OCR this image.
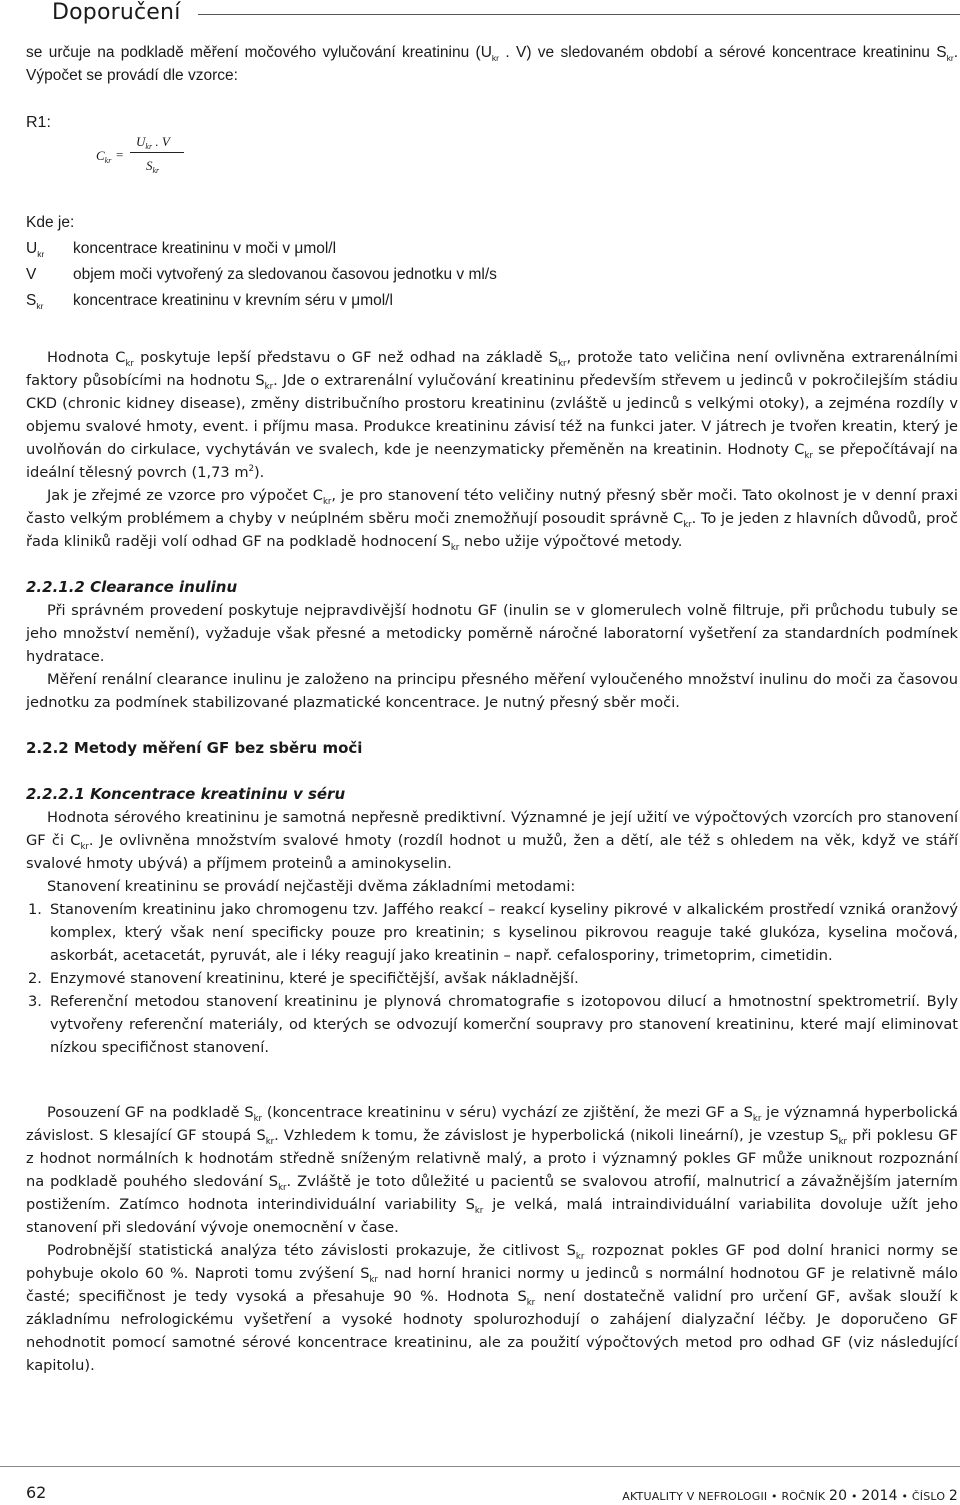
Doporučení

se určuje na podkladě měření močového vylučování kreatininu ($U_{kr}$ . V) ve sledovaném období a sérové koncentrace kreatininu $S_{kr}$. Výpočet se provádí dle vzorce:

R1:
$C_{kr}$ =
$U_{kr}$ . V
$S_{kr}$
Kde je:
$U_{kr}$	koncentrace kreatininu v moči v μmol/l
V	objem moči vytvořený za sledovanou časovou jednotku v ml/s
$S_{kr}$	koncentrace kreatininu v krevním séru v μmol/l

Hodnota $C_{kr}$ poskytuje lepší představu o GF než odhad na základě $S_{kr}$, protože tato veličina není ovlivněna extrarenálními faktory působícími na hodnotu $S_{kr}$. Jde o extrarenální vylučování kreatininu především střevem u jedinců v pokročilejším stádiu CKD (chronic kidney disease), změny distribučního prostoru kreatininu (zvláště u jedinců s velkými otoky), a zejména rozdíly v objemu svalové hmoty, event. i příjmu masa. Produkce kreatininu závisí též na funkci jater. V játrech je tvořen kreatin, který je uvolňován do cirkulace, vychytáván ve svalech, kde je neenzymaticky přeměněn na kreatinin. Hodnoty $C_{kr}$ se přepočítávají na ideální tělesný povrch (1,73 $m^2$).

Jak je zřejmé ze vzorce pro výpočet $C_{kr}$, je pro stanovení této veličiny nutný přesný sběr moči. Tato okolnost je v denní praxi často velkým problémem a chyby v neúplném sběru moči znemožňují posoudit správně $C_{kr}$. To je jeden z hlavních důvodů, proč řada kliniků raději volí odhad GF na podkladě hodnocení $S_{kr}$ nebo užije výpočtové metody.

2.2.1.2 Clearance inulinu

Při správném provedení poskytuje nejpravdivější hodnotu GF (inulin se v glomerulech volně filtruje, při průchodu tubuly se jeho množství nemění), vyžaduje však přesné a metodicky poměrně náročné laboratorní vyšetření za standardních podmínek hydratace.

Měření renální clearance inulinu je založeno na principu přesného měření vyloučeného množství inulinu do moči za časovou jednotku za podmínek stabilizované plazmatické koncentrace. Je nutný přesný sběr moči.

2.2.2 Metody měření GF bez sběru moči

2.2.2.1 Koncentrace kreatininu v séru

Hodnota sérového kreatininu je samotná nepřesně prediktivní. Významné je její užití ve výpočtových vzorcích pro stanovení GF či $C_{kr}$. Je ovlivněna množstvím svalové hmoty (rozdíl hodnot u mužů, žen a dětí, ale též s ohledem na věk, když ve stáří svalové hmoty ubývá) a příjmem proteinů a aminokyselin.

Stanovení kreatininu se provádí nejčastěji dvěma základními metodami:

1. Stanovením kreatininu jako chromogenu tzv. Jaffého reakcí – reakcí kyseliny pikrové v alkalickém prostředí vzniká oranžový komplex, který však není specificky pouze pro kreatinin; s kyselinou pikrovou reaguje také glukóza, kyselina močová, askorbát, acetacetát, pyruvát, ale i léky reagují jako kreatinin – např. cefalosporiny, trimetoprim, cimetidin.
2. Enzymové stanovení kreatininu, které je specifičtější, avšak nákladnější.
3. Referenční metodou stanovení kreatininu je plynová chromatografie s izotopovou dilucí a hmotnostní spektrometrií. Byly vytvořeny referenční materiály, od kterých se odvozují komerční soupravy pro stanovení kreatininu, které mají eliminovat nízkou specifičnost stanovení.

Posouzení GF na podkladě $S_{kr}$ (koncentrace kreatininu v séru) vychází ze zjištění, že mezi GF a $S_{kr}$ je významná hyperbolická závislost. S klesající GF stoupá $S_{kr}$. Vzhledem k tomu, že závislost je hyperbolická (nikoli lineární), je vzestup $S_{kr}$ při poklesu GF z hodnot normálních k hodnotám středně sníženým relativně malý, a proto i významný pokles GF může uniknout rozpoznání na podkladě pouhého sledování $S_{kr}$. Zvláště je toto důležité u pacientů se svalovou atrofií, malnutricí a závažnějším jaterním postižením. Zatímco hodnota interindividuální variability $S_{kr}$ je velká, malá intraindividuální variabilita dovoluje užít jeho stanovení při sledování vývoje onemocnění v čase.

Podrobnější statistická analýza této závislosti prokazuje, že citlivost $S_{kr}$ rozpoznat pokles GF pod dolní hranici normy se pohybuje okolo 60 %. Naproti tomu zvýšení $S_{kr}$ nad horní hranici normy u jedinců s normální hodnotou GF je relativně málo časté; specifičnost je tedy vysoká a přesahuje 90 %. Hodnota $S_{kr}$ není dostatečně validní pro určení GF, avšak slouží k základnímu nefrologickému vyšetření a vysoké hodnoty spolurozhodují o zahájení dialyzační léčby. Je doporučeno GF nehodnotit pomocí samotné sérové koncentrace kreatininu, ale za použití výpočtových metod pro odhad GF (viz následující kapitolu).

62	AKTUALITY V NEFROLOGII • ROČNÍK 20 • 2014 • ČÍSLO 2
